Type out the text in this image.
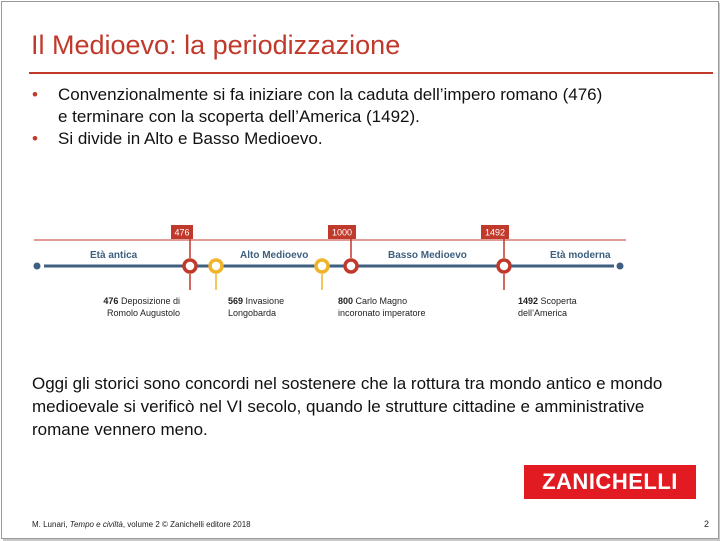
Il Medioevo: la periodizzazione
• Convenzionalmente si fa iniziare con la caduta dell’impero romano (476)
e terminare con la scoperta dell’America (1492).
• Si divide in Alto e Basso Medioevo.
476	1000	1492
Età antica	Alto Medioevo	Basso Medioevo	Età moderna
476 Deposizione di
Romolo Augustolo
569 Invasione
Longobarda
800 Carlo Magno
incoronato imperatore
1492 Scoperta
dell’America
Oggi gli storici sono concordi nel sostenere che la rottura tra mondo antico e mondo medioevale si verificò nel VI secolo, quando le strutture cittadine e amministrative romane vennero meno.
ZANICHELLI
M. Lunari, Tempo e civiltà, volume 2 © Zanichelli editore 2018	2
